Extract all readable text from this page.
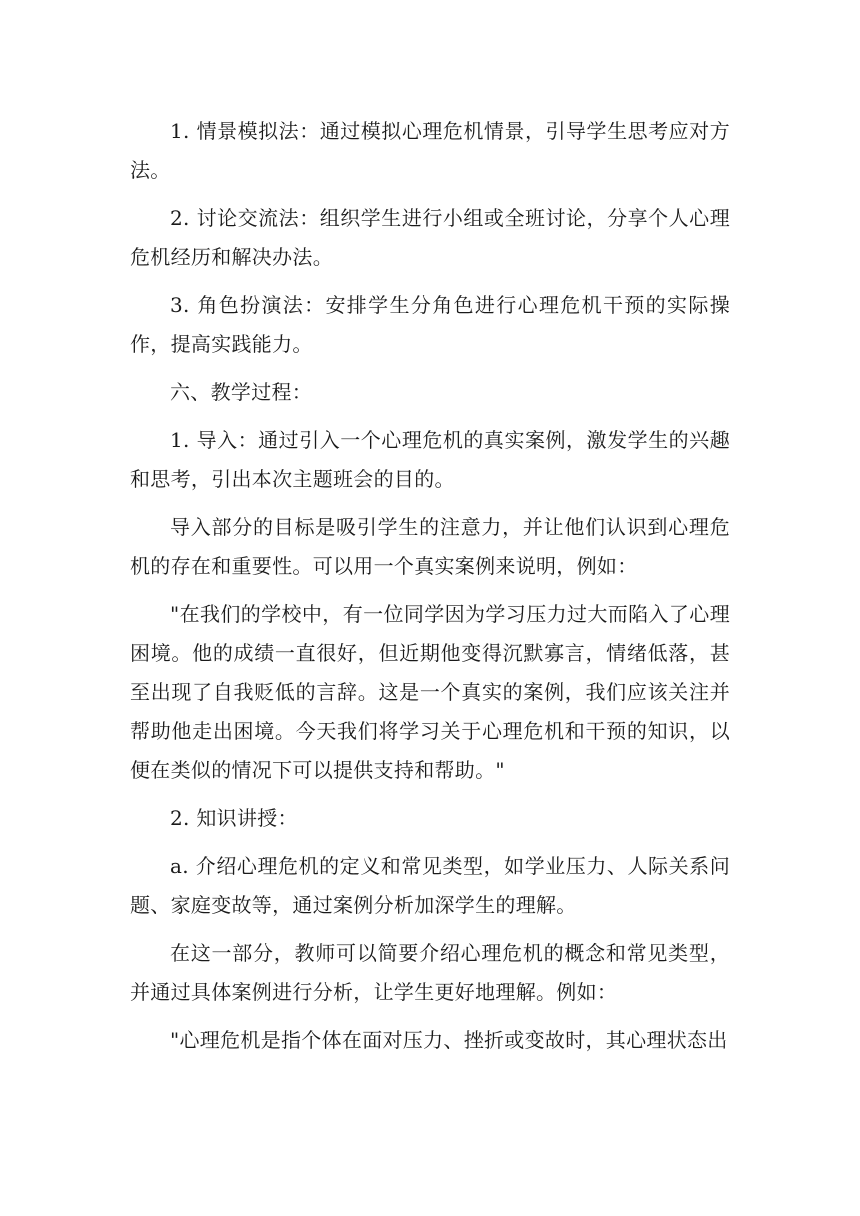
1. 情景模拟法：通过模拟心理危机情景，引导学生思考应对方法。

2. 讨论交流法：组织学生进行小组或全班讨论，分享个人心理危机经历和解决办法。

3. 角色扮演法：安排学生分角色进行心理危机干预的实际操作，提高实践能力。

六、教学过程：

1. 导入：通过引入一个心理危机的真实案例，激发学生的兴趣和思考，引出本次主题班会的目的。

导入部分的目标是吸引学生的注意力，并让他们认识到心理危机的存在和重要性。可以用一个真实案例来说明，例如：

"在我们的学校中，有一位同学因为学习压力过大而陷入了心理困境。他的成绩一直很好，但近期他变得沉默寡言，情绪低落，甚至出现了自我贬低的言辞。这是一个真实的案例，我们应该关注并帮助他走出困境。今天我们将学习关于心理危机和干预的知识，以便在类似的情况下可以提供支持和帮助。"

2. 知识讲授：

a. 介绍心理危机的定义和常见类型，如学业压力、人际关系问题、家庭变故等，通过案例分析加深学生的理解。

在这一部分，教师可以简要介绍心理危机的概念和常见类型，并通过具体案例进行分析，让学生更好地理解。例如：

"心理危机是指个体在面对压力、挫折或变故时，其心理状态出
